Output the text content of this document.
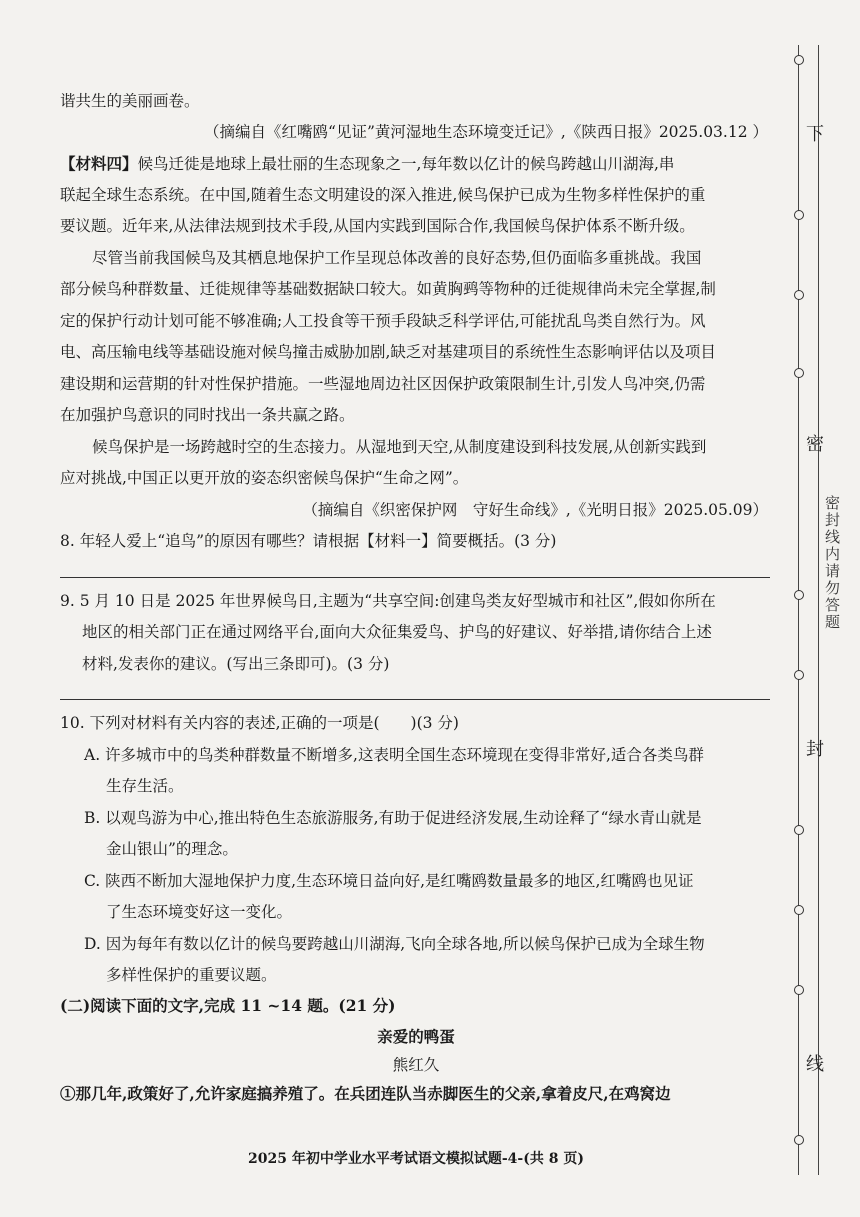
谐共生的美丽画卷。
（摘编自《红嘴鸥“见证”黄河湿地生态环境变迁记》,《陕西日报》2025.03.12 ）
【材料四】候鸟迁徙是地球上最壮丽的生态现象之一,每年数以亿计的候鸟跨越山川湖海,串
联起全球生态系统。在中国,随着生态文明建设的深入推进,候鸟保护已成为生物多样性保护的重
要议题。近年来,从法律法规到技术手段,从国内实践到国际合作,我国候鸟保护体系不断升级。
尽管当前我国候鸟及其栖息地保护工作呈现总体改善的良好态势,但仍面临多重挑战。我国
部分候鸟种群数量、迁徙规律等基础数据缺口较大。如黄胸鹀等物种的迁徙规律尚未完全掌握,制
定的保护行动计划可能不够准确;人工投食等干预手段缺乏科学评估,可能扰乱鸟类自然行为。风
电、高压输电线等基础设施对候鸟撞击威胁加剧,缺乏对基建项目的系统性生态影响评估以及项目
建设期和运营期的针对性保护措施。一些湿地周边社区因保护政策限制生计,引发人鸟冲突,仍需
在加强护鸟意识的同时找出一条共赢之路。
候鸟保护是一场跨越时空的生态接力。从湿地到天空,从制度建设到科技发展,从创新实践到
应对挑战,中国正以更开放的姿态织密候鸟保护“生命之网”。
（摘编自《织密保护网　守好生命线》,《光明日报》2025.05.09）
8. 年轻人爱上“追鸟”的原因有哪些？请根据【材料一】简要概括。(3 分)
9. 5 月 10 日是 2025 年世界候鸟日,主题为“共享空间:创建鸟类友好型城市和社区”,假如你所在
地区的相关部门正在通过网络平台,面向大众征集爱鸟、护鸟的好建议、好举措,请你结合上述
材料,发表你的建议。(写出三条即可)。(3 分)
10. 下列对材料有关内容的表述,正确的一项是(　　)(3 分)
A. 许多城市中的鸟类种群数量不断增多,这表明全国生态环境现在变得非常好,适合各类鸟群
生存生活。
B. 以观鸟游为中心,推出特色生态旅游服务,有助于促进经济发展,生动诠释了“绿水青山就是
金山银山”的理念。
C. 陕西不断加大湿地保护力度,生态环境日益向好,是红嘴鸥数量最多的地区,红嘴鸥也见证
了生态环境变好这一变化。
D. 因为每年有数以亿计的候鸟要跨越山川湖海,飞向全球各地,所以候鸟保护已成为全球生物
多样性保护的重要议题。
(二)阅读下面的文字,完成 11 ~14 题。(21 分)
亲爱的鸭蛋
熊红久
①那几年,政策好了,允许家庭搞养殖了。在兵团连队当赤脚医生的父亲,拿着皮尺,在鸡窝边
2025 年初中学业水平考试语文模拟试题-4-(共 8 页)
下
密
封
线
密封线内请勿答题
